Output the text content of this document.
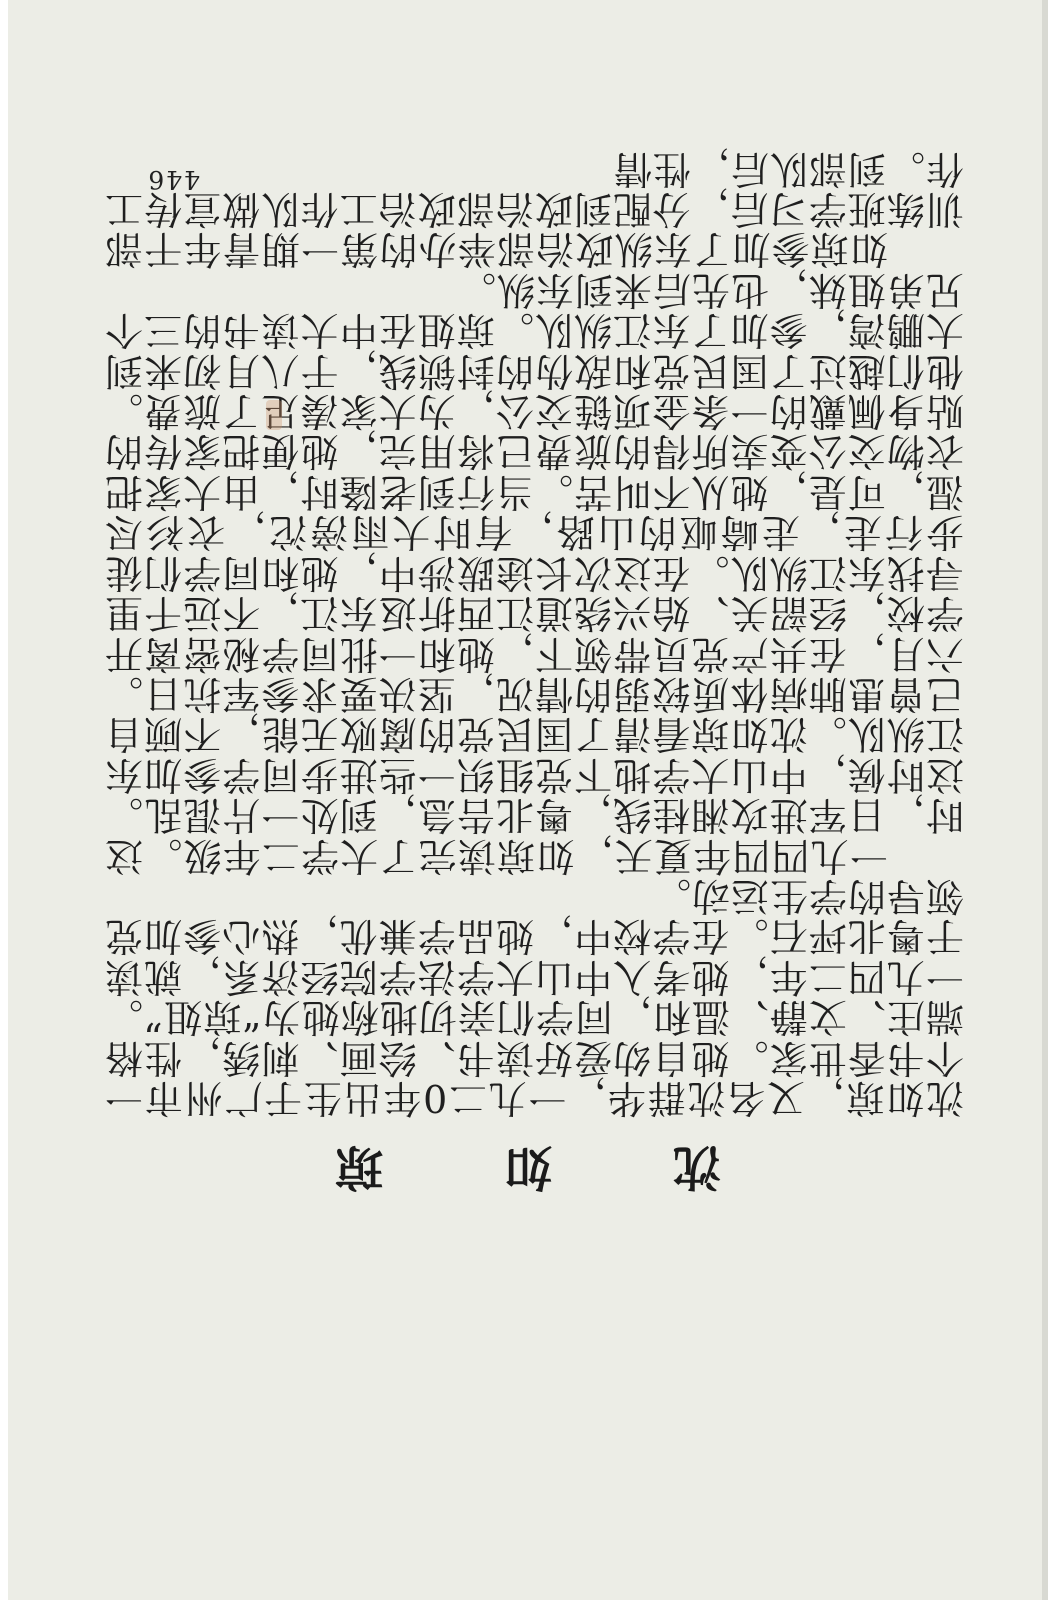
446
沈 如 琼

沈如琼，又名沈群华，一九二0年出生于广州市一个书香世家。她自幼爱好读书、绘画、刺绣，性格端庄、文静、温和，同学们亲切地称她为“琼姐”。一九四二年，她考入中山大学法学院经济系，就读于粤北坪石。在学校中，她品学兼优，热心参加党领导的学生运动。

一九四四年夏天，如琼读完了大学二年级。这时，日军进攻湘桂线，粤北告急，到处一片混乱。这时候，中山大学地下党组织一些进步同学参加东江纵队。沈如琼看清了国民党的腐败无能，不顾自己曾患肺病体质较弱的情况，坚决要求参军抗日。六月，在共产党员带领下，她和一批同学秘密离开学校，经韶关、始兴绕道江西折返东江，不远千里寻找东江纵队。在这次长途跋涉中，她和同学们徒步行走，走崎岖的山路，有时大雨滂沱，衣衫尽湿，可是，她从不叫苦。当行到老隆时，由大家把衣物交公变卖所得的旅费已将用完，她便把家传的贴身佩戴的一条金项链交公，为大家凑足了旅费。他们越过了国民党和敌伪的封锁线，于八月初来到大鹏湾，参加了东江纵队。琼姐在中大读书的三个兄弟姐妹，也先后来到东纵。

如琼参加了东纵政治部举办的第一期青年干部训练班学习后，分配到政治部政治工作队做宣传工作。到部队后，性情
